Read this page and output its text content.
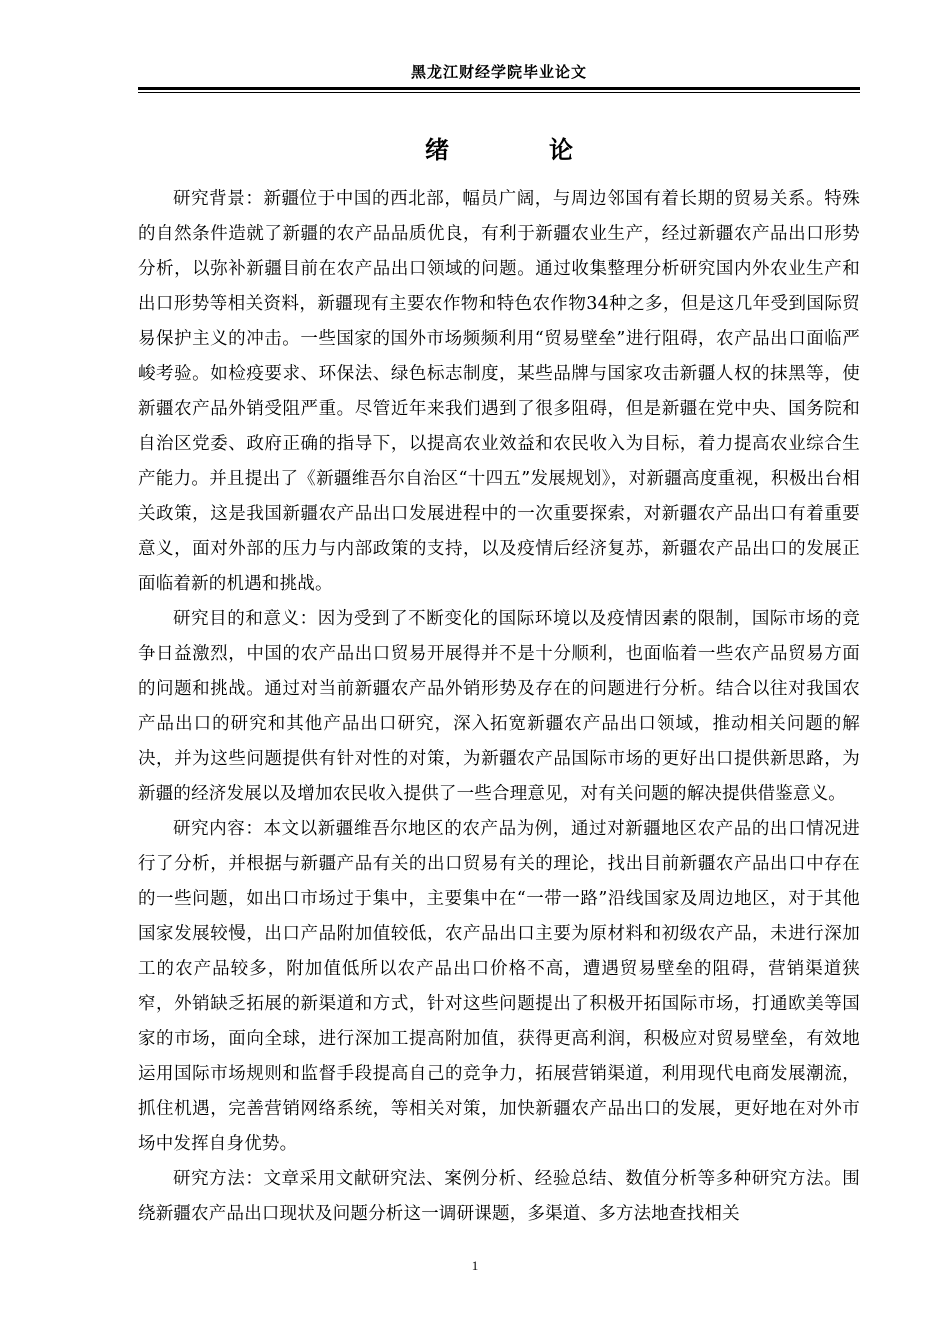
黑龙江财经学院毕业论文
绪	论

研究背景：新疆位于中国的西北部，幅员广阔，与周边邻国有着长期的贸易关系。特殊的自然条件造就了新疆的农产品品质优良，有利于新疆农业生产，经过新疆农产品出口形势分析，以弥补新疆目前在农产品出口领域的问题。通过收集整理分析研究国内外农业生产和出口形势等相关资料，新疆现有主要农作物和特色农作物34种之多，但是这几年受到国际贸易保护主义的冲击。一些国家的国外市场频频利用“贸易壁垒”进行阻碍，农产品出口面临严峻考验。如检疫要求、环保法、绿色标志制度，某些品牌与国家攻击新疆人权的抹黑等，使新疆农产品外销受阻严重。尽管近年来我们遇到了很多阻碍，但是新疆在党中央、国务院和自治区党委、政府正确的指导下，以提高农业效益和农民收入为目标，着力提高农业综合生产能力。并且提出了《新疆维吾尔自治区“十四五”发展规划》，对新疆高度重视，积极出台相关政策，这是我国新疆农产品出口发展进程中的一次重要探索，对新疆农产品出口有着重要意义，面对外部的压力与内部政策的支持，以及疫情后经济复苏，新疆农产品出口的发展正面临着新的机遇和挑战。

研究目的和意义：因为受到了不断变化的国际环境以及疫情因素的限制，国际市场的竞争日益激烈，中国的农产品出口贸易开展得并不是十分顺利，也面临着一些农产品贸易方面的问题和挑战。通过对当前新疆农产品外销形势及存在的问题进行分析。结合以往对我国农产品出口的研究和其他产品出口研究，深入拓宽新疆农产品出口领域，推动相关问题的解决，并为这些问题提供有针对性的对策，为新疆农产品国际市场的更好出口提供新思路，为新疆的经济发展以及增加农民收入提供了一些合理意见，对有关问题的解决提供借鉴意义。

研究内容：本文以新疆维吾尔地区的农产品为例，通过对新疆地区农产品的出口情况进行了分析，并根据与新疆产品有关的出口贸易有关的理论，找出目前新疆农产品出口中存在的一些问题，如出口市场过于集中，主要集中在“一带一路”沿线国家及周边地区，对于其他国家发展较慢，出口产品附加值较低，农产品出口主要为原材料和初级农产品，未进行深加工的农产品较多，附加值低所以农产品出口价格不高，遭遇贸易壁垒的阻碍，营销渠道狭窄，外销缺乏拓展的新渠道和方式，针对这些问题提出了积极开拓国际市场，打通欧美等国家的市场，面向全球，进行深加工提高附加值，获得更高利润，积极应对贸易壁垒，有效地运用国际市场规则和监督手段提高自己的竞争力，拓展营销渠道，利用现代电商发展潮流，抓住机遇，完善营销网络系统，等相关对策，加快新疆农产品出口的发展，更好地在对外市场中发挥自身优势。

研究方法：文章采用文献研究法、案例分析、经验总结、数值分析等多种研究方法。围绕新疆农产品出口现状及问题分析这一调研课题，多渠道、多方法地查找相关

1
